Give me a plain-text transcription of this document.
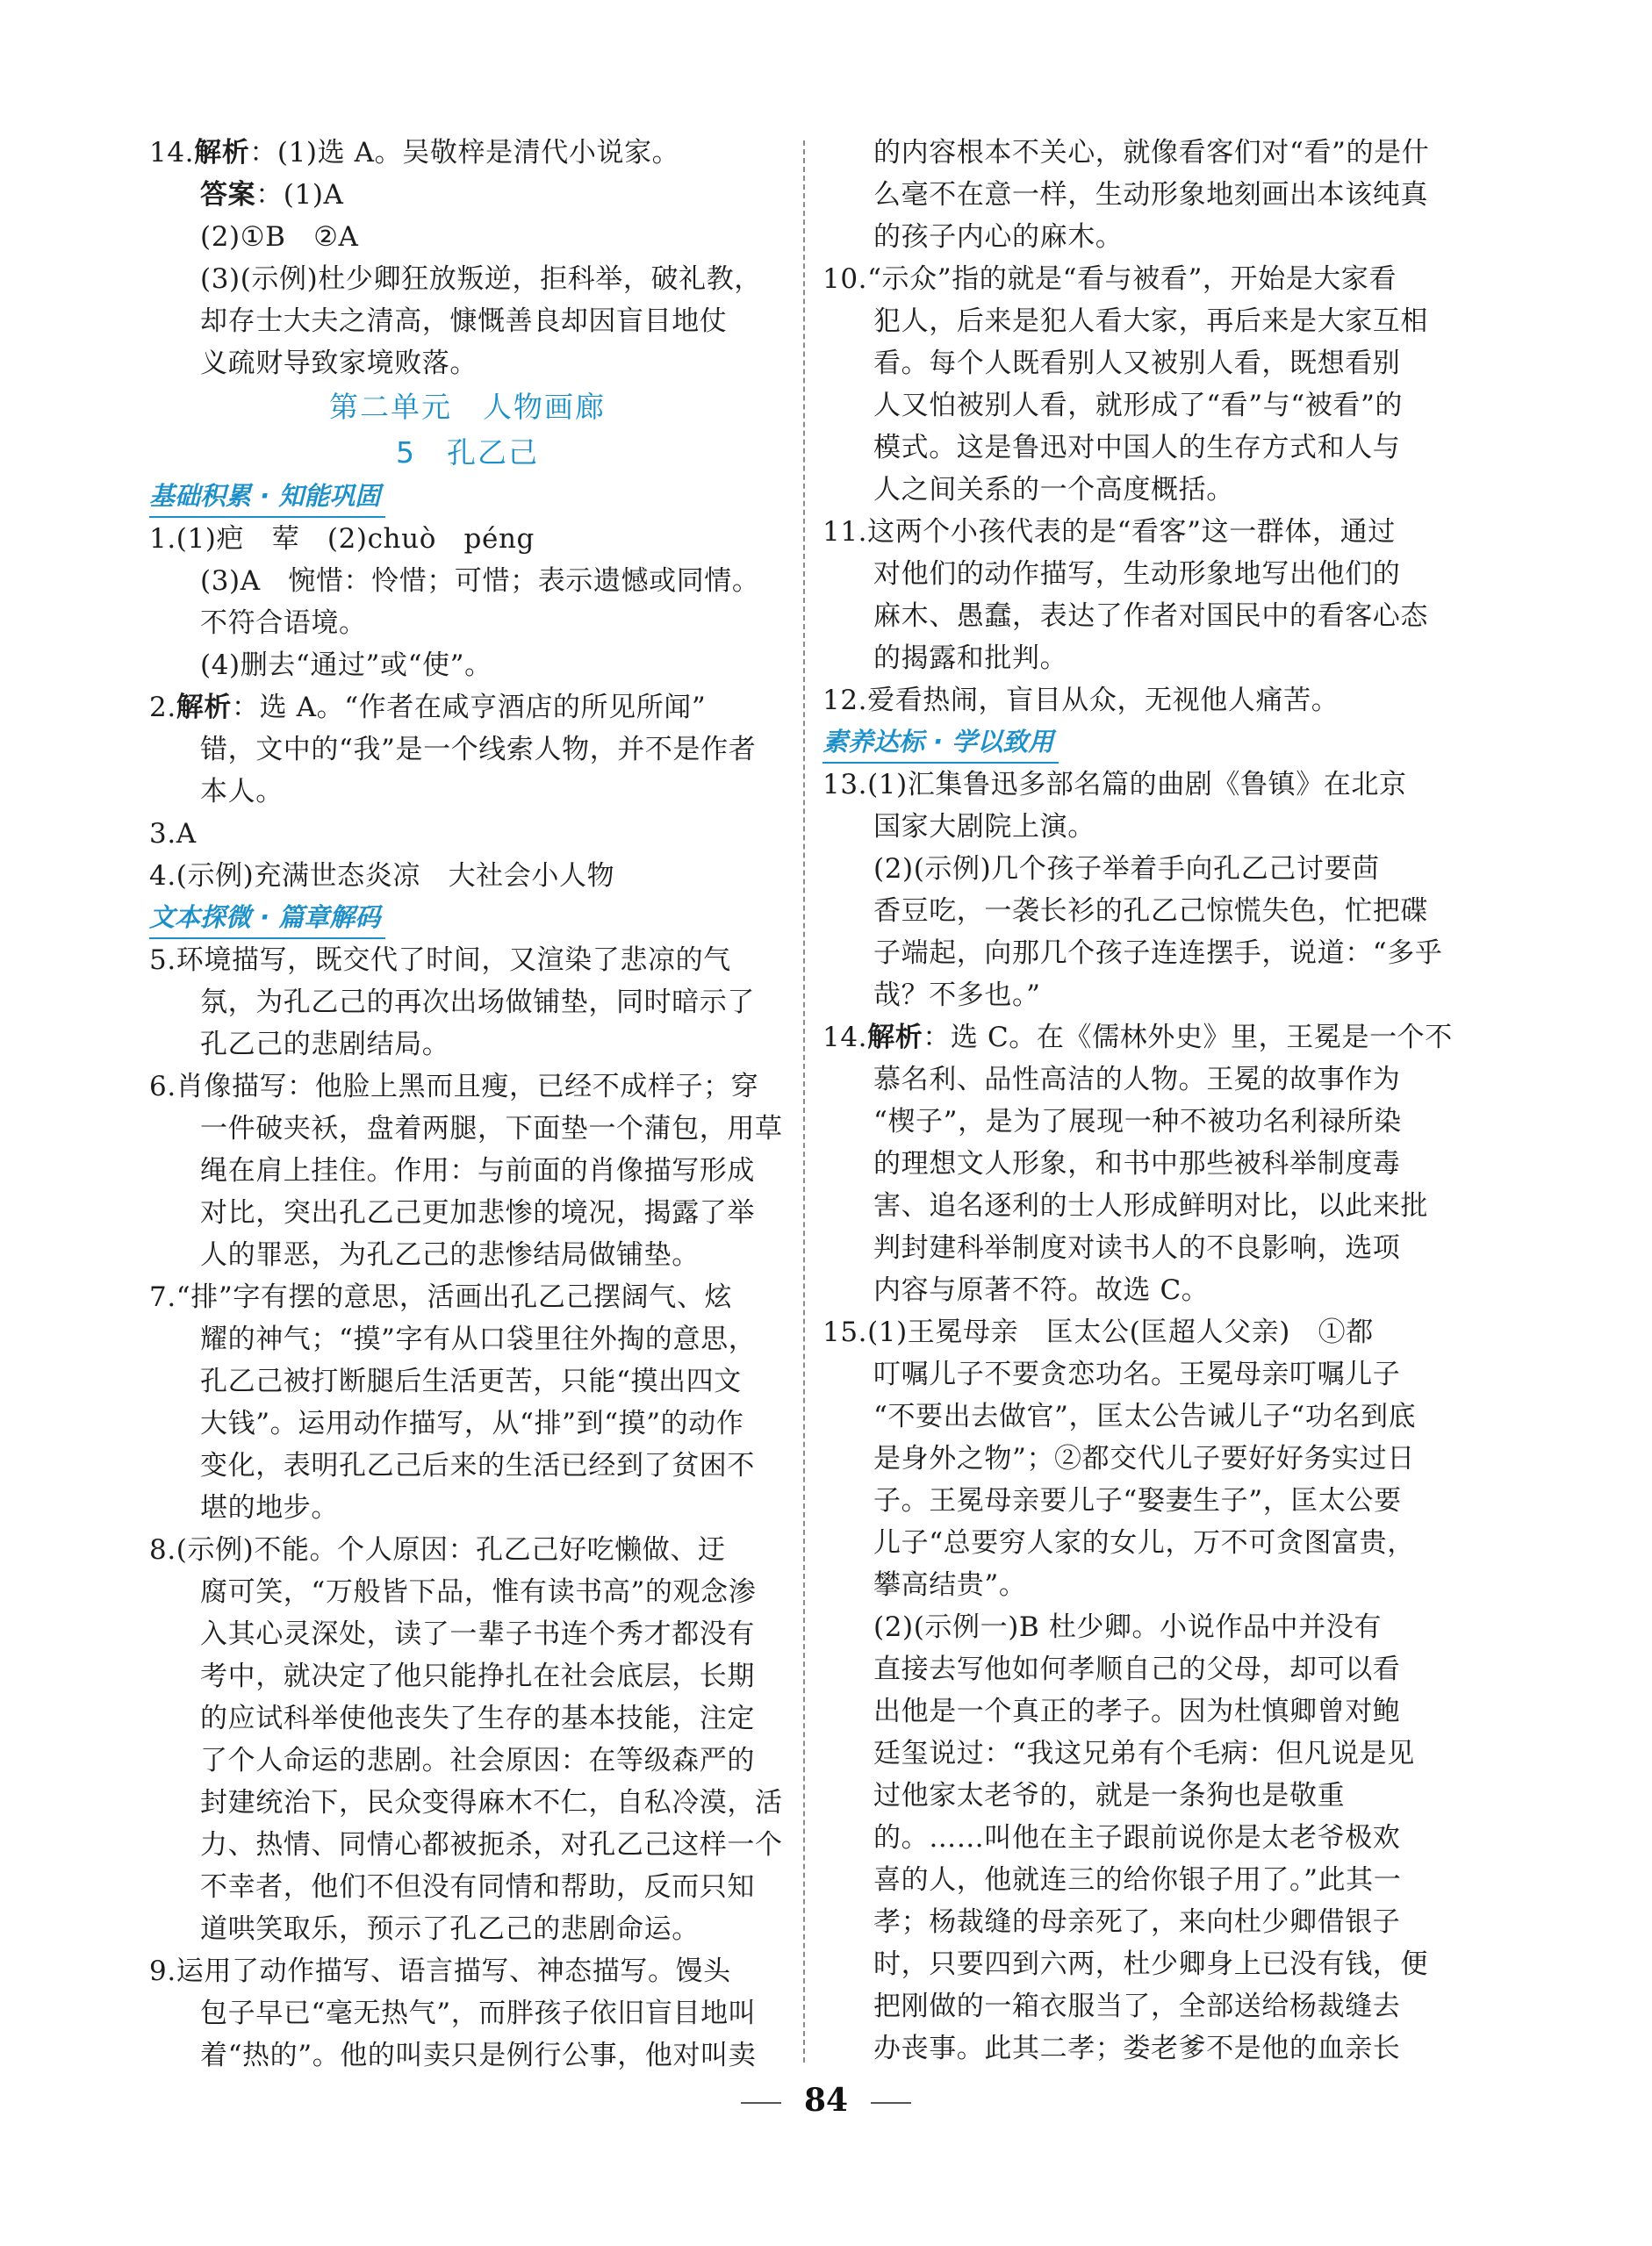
14.解析：(1)选 A。吴敬梓是清代小说家。

答案：(1)A

(2)①B　②A

(3)(示例)杜少卿狂放叛逆，拒科举，破礼教，

却存士大夫之清高，慷慨善良却因盲目地仗

义疏财导致家境败落。

第二单元　人物画廊
5　孔乙己
基础积累 · 知能巩固

1.(1)疤　荤　(2)chuò　péng

(3)A　惋惜：怜惜；可惜；表示遗憾或同情。

不符合语境。

(4)删去“通过”或“使”。

2.解析：选 A。“作者在咸亨酒店的所见所闻”

错，文中的“我”是一个线索人物，并不是作者

本人。

3.A

4.(示例)充满世态炎凉　大社会小人物

文本探微 · 篇章解码

5.环境描写，既交代了时间，又渲染了悲凉的气

氛，为孔乙己的再次出场做铺垫，同时暗示了

孔乙己的悲剧结局。

6.肖像描写：他脸上黑而且瘦，已经不成样子；穿

一件破夹袄，盘着两腿，下面垫一个蒲包，用草

绳在肩上挂住。作用：与前面的肖像描写形成

对比，突出孔乙己更加悲惨的境况，揭露了举

人的罪恶，为孔乙己的悲惨结局做铺垫。

7.“排”字有摆的意思，活画出孔乙己摆阔气、炫

耀的神气；“摸”字有从口袋里往外掏的意思，

孔乙己被打断腿后生活更苦，只能“摸出四文

大钱”。运用动作描写，从“排”到“摸”的动作

变化，表明孔乙己后来的生活已经到了贫困不

堪的地步。

8.(示例)不能。个人原因：孔乙己好吃懒做、迂

腐可笑，“万般皆下品，惟有读书高”的观念渗

入其心灵深处，读了一辈子书连个秀才都没有

考中，就决定了他只能挣扎在社会底层，长期

的应试科举使他丧失了生存的基本技能，注定

了个人命运的悲剧。社会原因：在等级森严的

封建统治下，民众变得麻木不仁，自私冷漠，活

力、热情、同情心都被扼杀，对孔乙己这样一个

不幸者，他们不但没有同情和帮助，反而只知

道哄笑取乐，预示了孔乙己的悲剧命运。

9.运用了动作描写、语言描写、神态描写。馒头

包子早已“毫无热气”，而胖孩子依旧盲目地叫

着“热的”。他的叫卖只是例行公事，他对叫卖

的内容根本不关心，就像看客们对“看”的是什

么毫不在意一样，生动形象地刻画出本该纯真

的孩子内心的麻木。

10.“示众”指的就是“看与被看”，开始是大家看

犯人，后来是犯人看大家，再后来是大家互相

看。每个人既看别人又被别人看，既想看别

人又怕被别人看，就形成了“看”与“被看”的

模式。这是鲁迅对中国人的生存方式和人与

人之间关系的一个高度概括。

11.这两个小孩代表的是“看客”这一群体，通过

对他们的动作描写，生动形象地写出他们的

麻木、愚蠢，表达了作者对国民中的看客心态

的揭露和批判。

12.爱看热闹，盲目从众，无视他人痛苦。

素养达标 · 学以致用

13.(1)汇集鲁迅多部名篇的曲剧《鲁镇》在北京

国家大剧院上演。

(2)(示例)几个孩子举着手向孔乙己讨要茴

香豆吃，一袭长衫的孔乙己惊慌失色，忙把碟

子端起，向那几个孩子连连摆手，说道：“多乎

哉？不多也。”

14.解析：选 C。在《儒林外史》里，王冕是一个不

慕名利、品性高洁的人物。王冕的故事作为

“楔子”，是为了展现一种不被功名利禄所染

的理想文人形象，和书中那些被科举制度毒

害、追名逐利的士人形成鲜明对比，以此来批

判封建科举制度对读书人的不良影响，选项

内容与原著不符。故选 C。

15.(1)王冕母亲　匡太公(匡超人父亲)　①都

叮嘱儿子不要贪恋功名。王冕母亲叮嘱儿子

“不要出去做官”，匡太公告诫儿子“功名到底

是身外之物”；②都交代儿子要好好务实过日

子。王冕母亲要儿子“娶妻生子”，匡太公要

儿子“总要穷人家的女儿，万不可贪图富贵，

攀高结贵”。

(2)(示例一)B 杜少卿。小说作品中并没有

直接去写他如何孝顺自己的父母，却可以看

出他是一个真正的孝子。因为杜慎卿曾对鲍

廷玺说过：“我这兄弟有个毛病：但凡说是见

过他家太老爷的，就是一条狗也是敬重

的。……叫他在主子跟前说你是太老爷极欢

喜的人，他就连三的给你银子用了。”此其一

孝；杨裁缝的母亲死了，来向杜少卿借银子

时，只要四到六两，杜少卿身上已没有钱，便

把刚做的一箱衣服当了，全部送给杨裁缝去

办丧事。此其二孝；娄老爹不是他的血亲长

84
